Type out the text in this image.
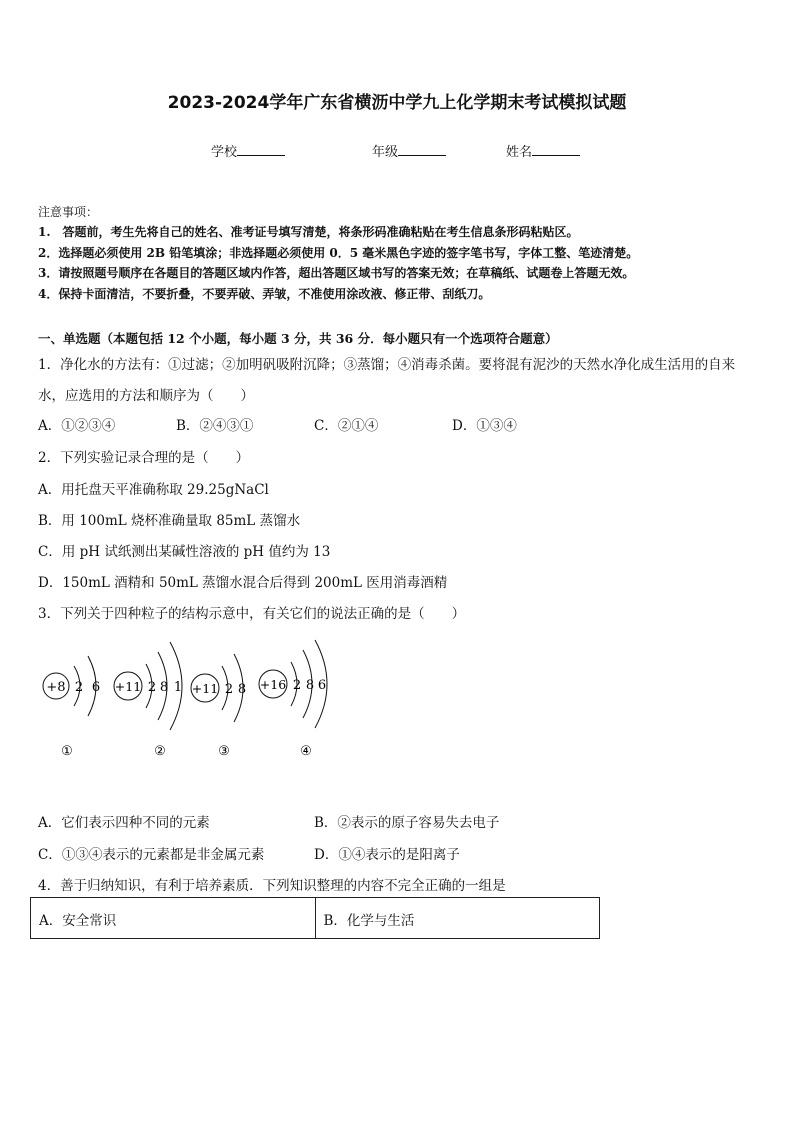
2023-2024学年广东省横沥中学九上化学期末考试模拟试题
学校	年级	姓名
注意事项：
1.　答题前，考生先将自己的姓名、准考证号填写清楚，将条形码准确粘贴在考生信息条形码粘贴区。
2．选择题必须使用 2B 铅笔填涂；非选择题必须使用 0．5 毫米黑色字迹的签字笔书写，字体工整、笔迹清楚。
3．请按照题号顺序在各题目的答题区域内作答，超出答题区域书写的答案无效；在草稿纸、试题卷上答题无效。
4．保持卡面清洁，不要折叠，不要弄破、弄皱，不准使用涂改液、修正带、刮纸刀。
一、单选题（本题包括 12 个小题，每小题 3 分，共 36 分．每小题只有一个选项符合题意）
1．净化水的方法有：①过滤；②加明矾吸附沉降；③蒸馏；④消毒杀菌。要将混有泥沙的天然水净化成生活用的自来
水，应选用的方法和顺序为（　　）
A．①②③④	B．②④③①	C．②①④	D．①③④
2．下列实验记录合理的是（　　）
A．用托盘天平准确称取 29.25gNaCl
B．用 100mL 烧杯准确量取 85mL 蒸馏水
C．用 pH 试纸测出某碱性溶液的 pH 值约为 13
D．150mL 酒精和 50mL 蒸馏水混合后得到 200mL 医用消毒酒精
3．下列关于四种粒子的结构示意中，有关它们的说法正确的是（　　）
+8 2 6
①
+11 2 8 1
②
+11 2 8
③
+16 2 8 6
④
A．它们表示四种不同的元素	B．②表示的原子容易失去电子
C．①③④表示的元素都是非金属元素	D．①④表示的是阳离子
4．善于归纳知识，有利于培养素质．下列知识整理的内容不完全正确的一组是
A．安全常识	B．化学与生活
